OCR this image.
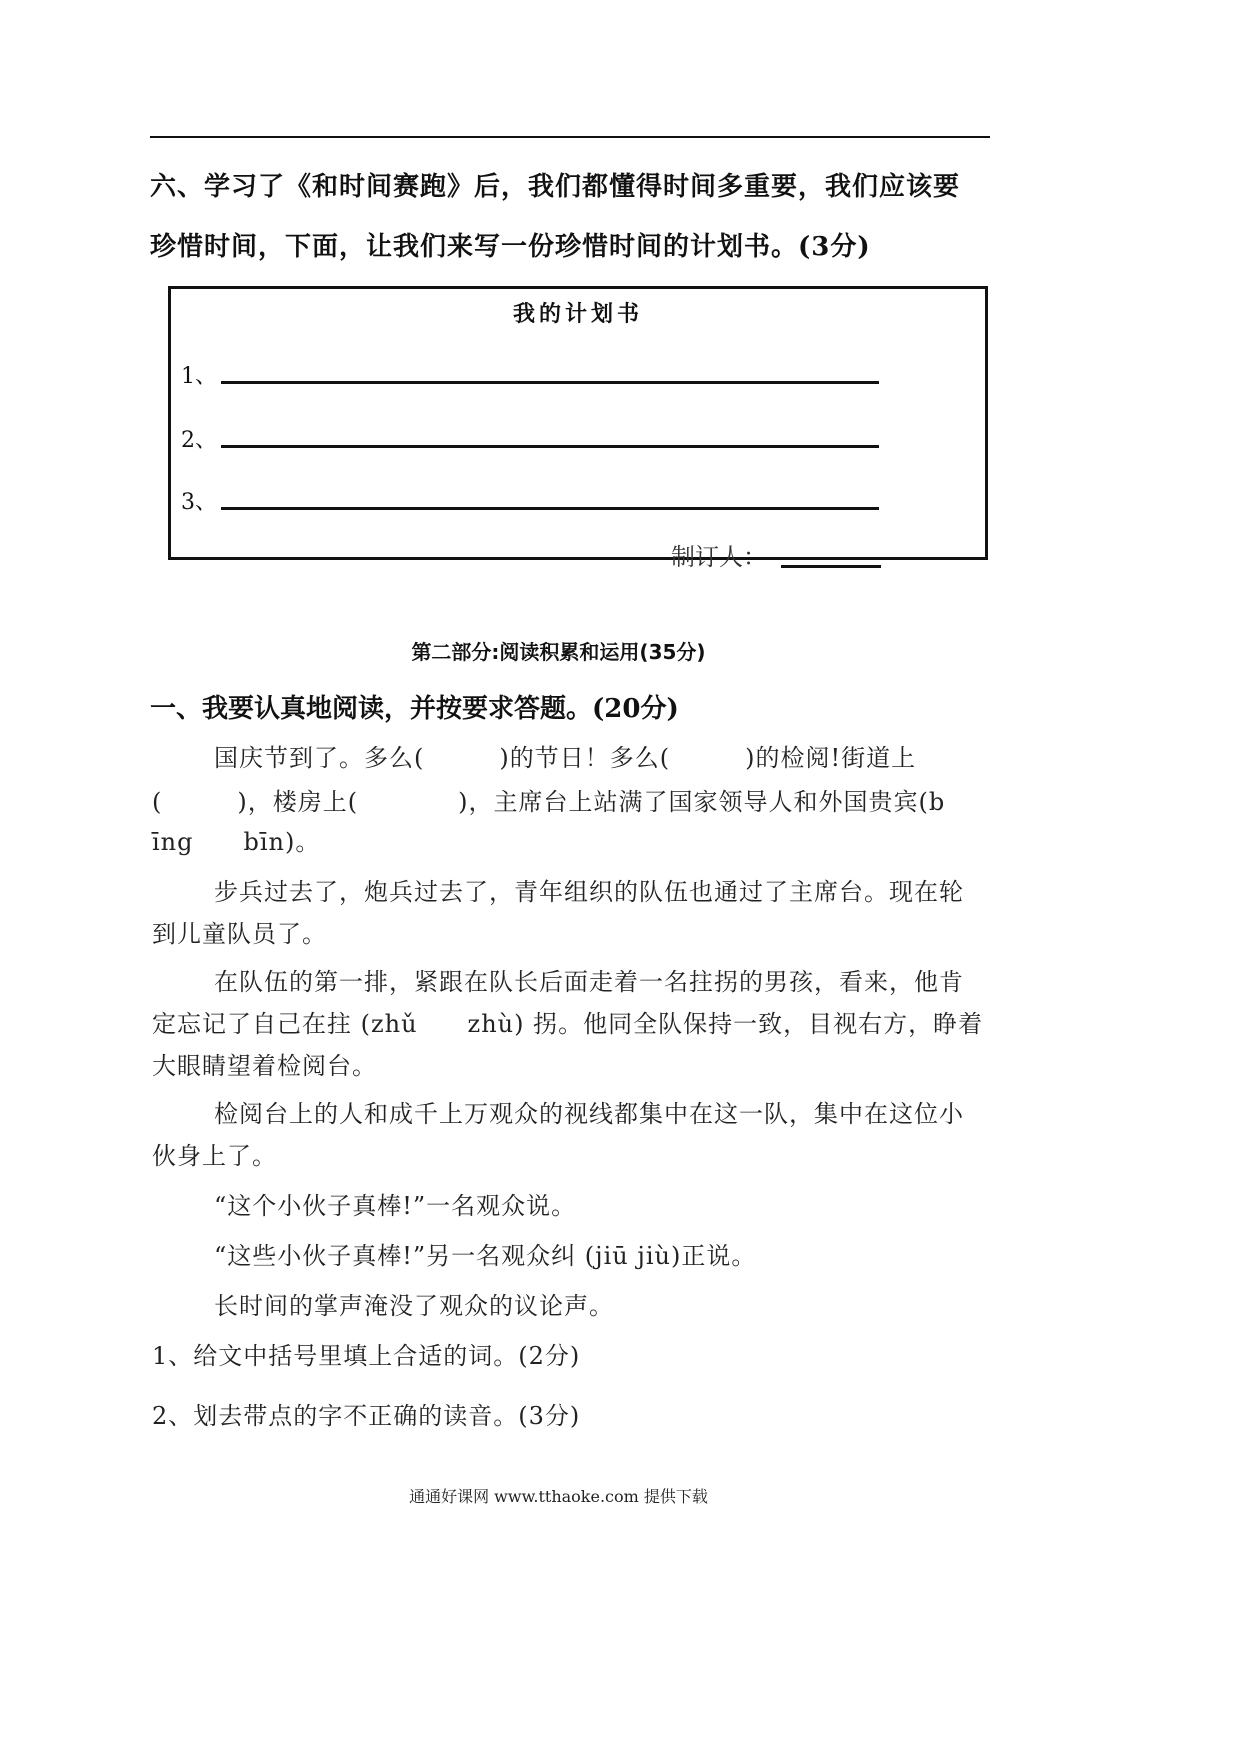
六、学习了《和时间赛跑》后，我们都懂得时间多重要，我们应该要
珍惜时间，下面，让我们来写一份珍惜时间的计划书。(3分)
我的计划书
1、
2、
3、
制订人：
第二部分:阅读积累和运用(35分)
一、我要认真地阅读，并按要求答题。(20分)
国庆节到了。多么(　　　)的节日！多么(　　　)的检阅!街道上
(　　　)，楼房上(　　　　)，主席台上站满了国家领导人和外国贵宾(b
īng　　bīn)。
步兵过去了，炮兵过去了，青年组织的队伍也通过了主席台。现在轮
到儿童队员了。
在队伍的第一排，紧跟在队长后面走着一名拄拐的男孩，看来，他肯
定忘记了自己在拄 (zhǔ　　zhù) 拐。他同全队保持一致，目视右方，睁着
大眼睛望着检阅台。
检阅台上的人和成千上万观众的视线都集中在这一队，集中在这位小
伙身上了。
“这个小伙子真棒!”一名观众说。
“这些小伙子真棒!”另一名观众纠 (jiū jiù)正说。
长时间的掌声淹没了观众的议论声。
1、给文中括号里填上合适的词。(2分)
2、划去带点的字不正确的读音。(3分)
通通好课网 www.tthaoke.com 提供下载
